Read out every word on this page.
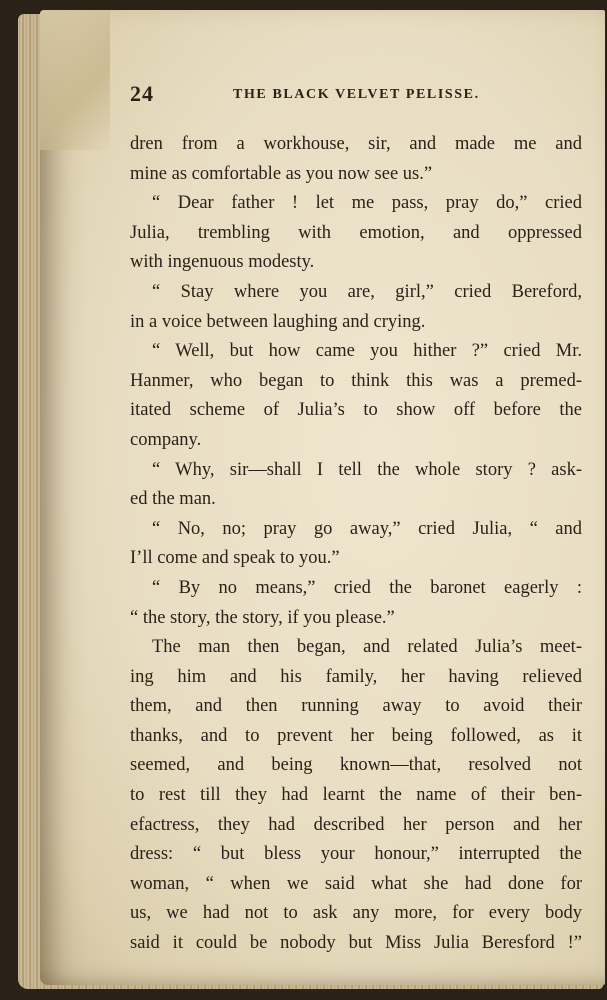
24	THE BLACK VELVET PELISSE.
dren from a workhouse, sir, and made me and
mine as comfortable as you now see us.”
“ Dear father ! let me pass, pray do,” cried
Julia, trembling with emotion, and oppressed
with ingenuous modesty.
“ Stay where you are, girl,” cried Bereford,
in a voice between laughing and crying.
“ Well, but how came you hither ?” cried Mr.
Hanmer, who began to think this was a premed-
itated scheme of Julia’s to show off before the
company.
“ Why, sir—shall I tell the whole story ? ask-
ed the man.
“ No, no; pray go away,” cried Julia, “ and
I’ll come and speak to you.”
“ By no means,” cried the baronet eagerly :
“ the story, the story, if you please.”
The man then began, and related Julia’s meet-
ing him and his family, her having relieved
them, and then running away to avoid their
thanks, and to prevent her being followed, as it
seemed, and being known—that, resolved not
to rest till they had learnt the name of their ben-
efactress, they had described her person and her
dress: “ but bless your honour,” interrupted the
woman, “ when we said what she had done for
us, we had not to ask any more, for every body
said it could be nobody but Miss Julia Beresford !”
